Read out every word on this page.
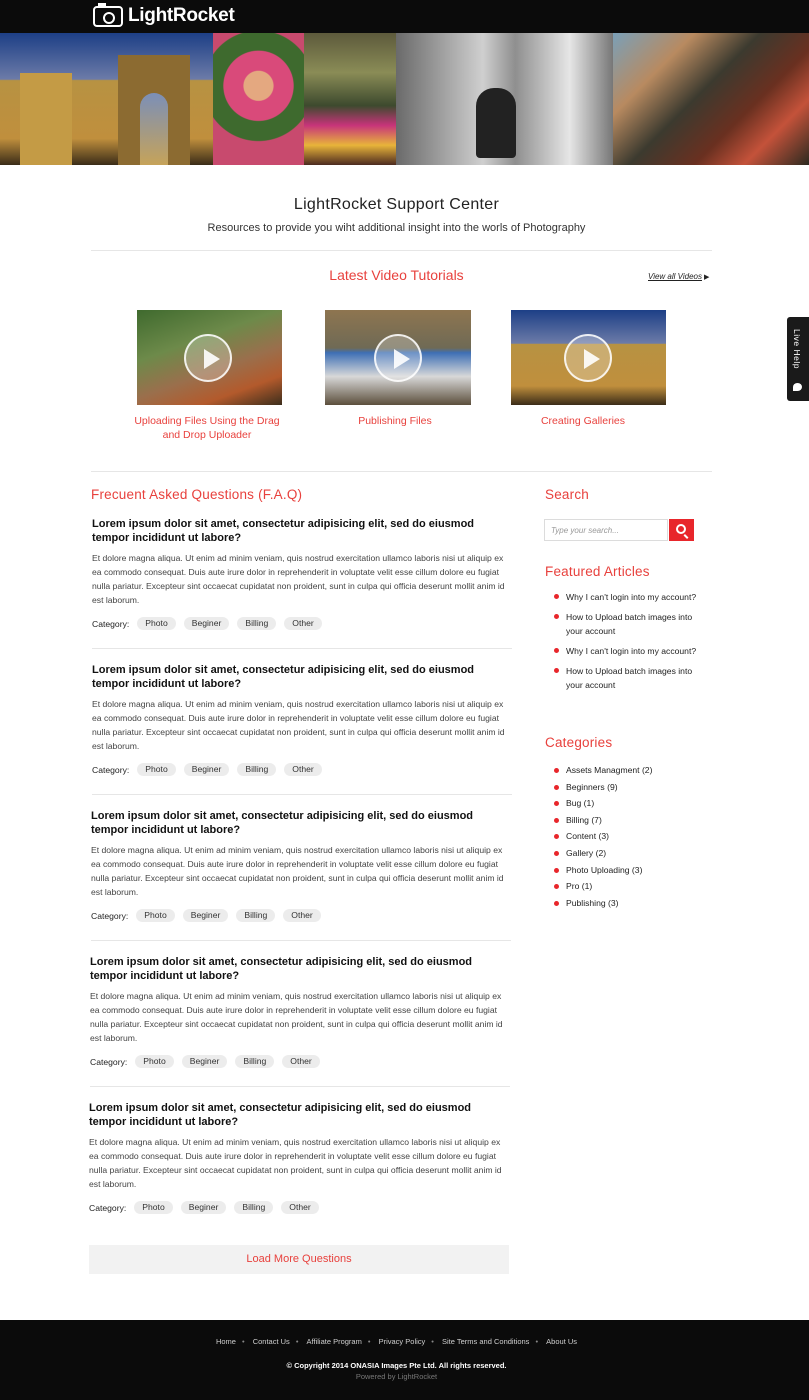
LightRocket
LightRocket Support Center
Resources to provide you wiht additional insight into the worls of Photography
Latest Video Tutorials	View all Videos ▶
Uploading Files Using the Drag and Drop Uploader
Publishing Files	Creating Galleries
Frecuent Asked Questions (F.A.Q)
Lorem ipsum dolor sit amet, consectetur adipisicing elit, sed do eiusmod tempor incididunt ut labore?
Et dolore magna aliqua. Ut enim ad minim veniam, quis nostrud exercitation ullamco laboris nisi ut aliquip ex ea commodo consequat. Duis aute irure dolor in reprehenderit in voluptate velit esse cillum dolore eu fugiat nulla pariatur. Excepteur sint occaecat cupidatat non proident, sunt in culpa qui officia deserunt mollit anim id est laborum.
Category:	Photo	Beginer	Billing	Other
Lorem ipsum dolor sit amet, consectetur adipisicing elit, sed do eiusmod tempor incididunt ut labore?
Et dolore magna aliqua. Ut enim ad minim veniam, quis nostrud exercitation ullamco laboris nisi ut aliquip ex ea commodo consequat. Duis aute irure dolor in reprehenderit in voluptate velit esse cillum dolore eu fugiat nulla pariatur. Excepteur sint occaecat cupidatat non proident, sunt in culpa qui officia deserunt mollit anim id est laborum.
Category:	Photo	Beginer	Billing	Other
Lorem ipsum dolor sit amet, consectetur adipisicing elit, sed do eiusmod tempor incididunt ut labore?
Et dolore magna aliqua. Ut enim ad minim veniam, quis nostrud exercitation ullamco laboris nisi ut aliquip ex ea commodo consequat. Duis aute irure dolor in reprehenderit in voluptate velit esse cillum dolore eu fugiat nulla pariatur. Excepteur sint occaecat cupidatat non proident, sunt in culpa qui officia deserunt mollit anim id est laborum.
Category:	Photo	Beginer	Billing	Other
Lorem ipsum dolor sit amet, consectetur adipisicing elit, sed do eiusmod tempor incididunt ut labore?
Et dolore magna aliqua. Ut enim ad minim veniam, quis nostrud exercitation ullamco laboris nisi ut aliquip ex ea commodo consequat. Duis aute irure dolor in reprehenderit in voluptate velit esse cillum dolore eu fugiat nulla pariatur. Excepteur sint occaecat cupidatat non proident, sunt in culpa qui officia deserunt mollit anim id est laborum.
Category:	Photo	Beginer	Billing	Other
Lorem ipsum dolor sit amet, consectetur adipisicing elit, sed do eiusmod tempor incididunt ut labore?
Et dolore magna aliqua. Ut enim ad minim veniam, quis nostrud exercitation ullamco laboris nisi ut aliquip ex ea commodo consequat. Duis aute irure dolor in reprehenderit in voluptate velit esse cillum dolore eu fugiat nulla pariatur. Excepteur sint occaecat cupidatat non proident, sunt in culpa qui officia deserunt mollit anim id est laborum.
Category:	Photo	Beginer	Billing	Other
Load More Questions
Search
Type your search...
Featured Articles
Why I can't login into my account?
How to Upload batch images into your account
Why I can't login into my account?
How to Upload batch images into your account
Categories
Assets Managment (2)
Beginners (9)
Bug (1)
Billing (7)
Content (3)
Gallery (2)
Photo Uploading (3)
Pro (1)
Publishing (3)
Live Help
Home • Contact Us • Affiliate Program • Privacy Policy • Site Terms and Conditions • About Us
© Copyright 2014 ONASIA Images Pte Ltd. All rights reserved.
Powered by LightRocket
